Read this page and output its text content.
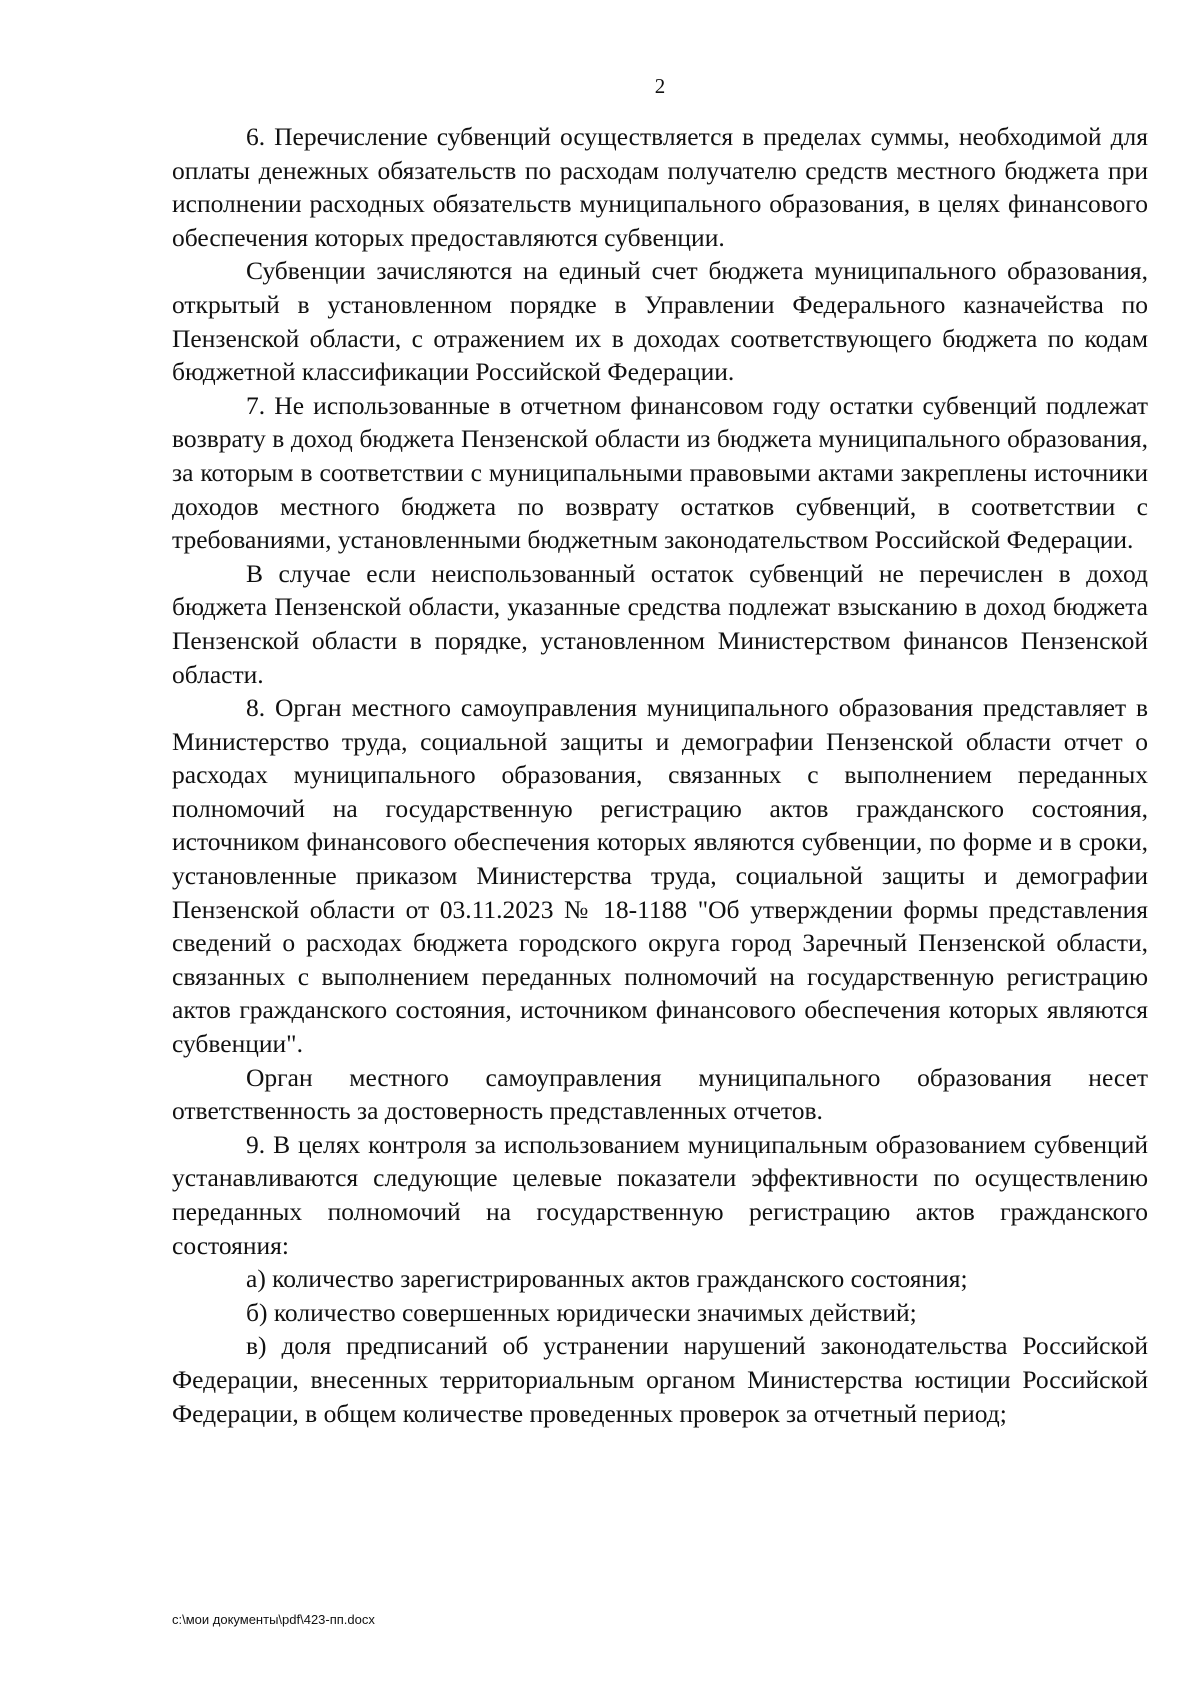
2

6. Перечисление субвенций осуществляется в пределах суммы, необходимой для оплаты денежных обязательств по расходам получателю средств местного бюджета при исполнении расходных обязательств муниципального образования, в целях финансового обеспечения которых предоставляются субвенции.

Субвенции зачисляются на единый счет бюджета муниципального образования, открытый в установленном порядке в Управлении Федерального казначейства по Пензенской области, с отражением их в доходах соответствующего бюджета по кодам бюджетной классификации Российской Федерации.

7. Не использованные в отчетном финансовом году остатки субвенций подлежат возврату в доход бюджета Пензенской области из бюджета муниципального образования, за которым в соответствии с муниципальными правовыми актами закреплены источники доходов местного бюджета по возврату остатков субвенций, в соответствии с требованиями, установленными бюджетным законодательством Российской Федерации.

В случае если неиспользованный остаток субвенций не перечислен в доход бюджета Пензенской области, указанные средства подлежат взысканию в доход бюджета Пензенской области в порядке, установленном Министерством финансов Пензенской области.

8. Орган местного самоуправления муниципального образования представляет в Министерство труда, социальной защиты и демографии Пензенской области отчет о расходах муниципального образования, связанных с выполнением переданных полномочий на государственную регистрацию актов гражданского состояния, источником финансового обеспечения которых являются субвенции, по форме и в сроки, установленные приказом Министерства труда, социальной защиты и демографии Пензенской области от 03.11.2023 № 18-1188 "Об утверждении формы представления сведений о расходах бюджета городского округа город Заречный Пензенской области, связанных с выполнением переданных полномочий на государственную регистрацию актов гражданского состояния, источником финансового обеспечения которых являются субвенции".

Орган местного самоуправления муниципального образования несет ответственность за достоверность представленных отчетов.

9. В целях контроля за использованием муниципальным образованием субвенций устанавливаются следующие целевые показатели эффективности по осуществлению переданных полномочий на государственную регистрацию актов гражданского состояния:

а) количество зарегистрированных актов гражданского состояния;

б) количество совершенных юридически значимых действий;

в) доля предписаний об устранении нарушений законодательства Российской Федерации, внесенных территориальным органом Министерства юстиции Российской Федерации, в общем количестве проведенных проверок за отчетный период;

c:\мои документы\pdf\423-пп.docx
